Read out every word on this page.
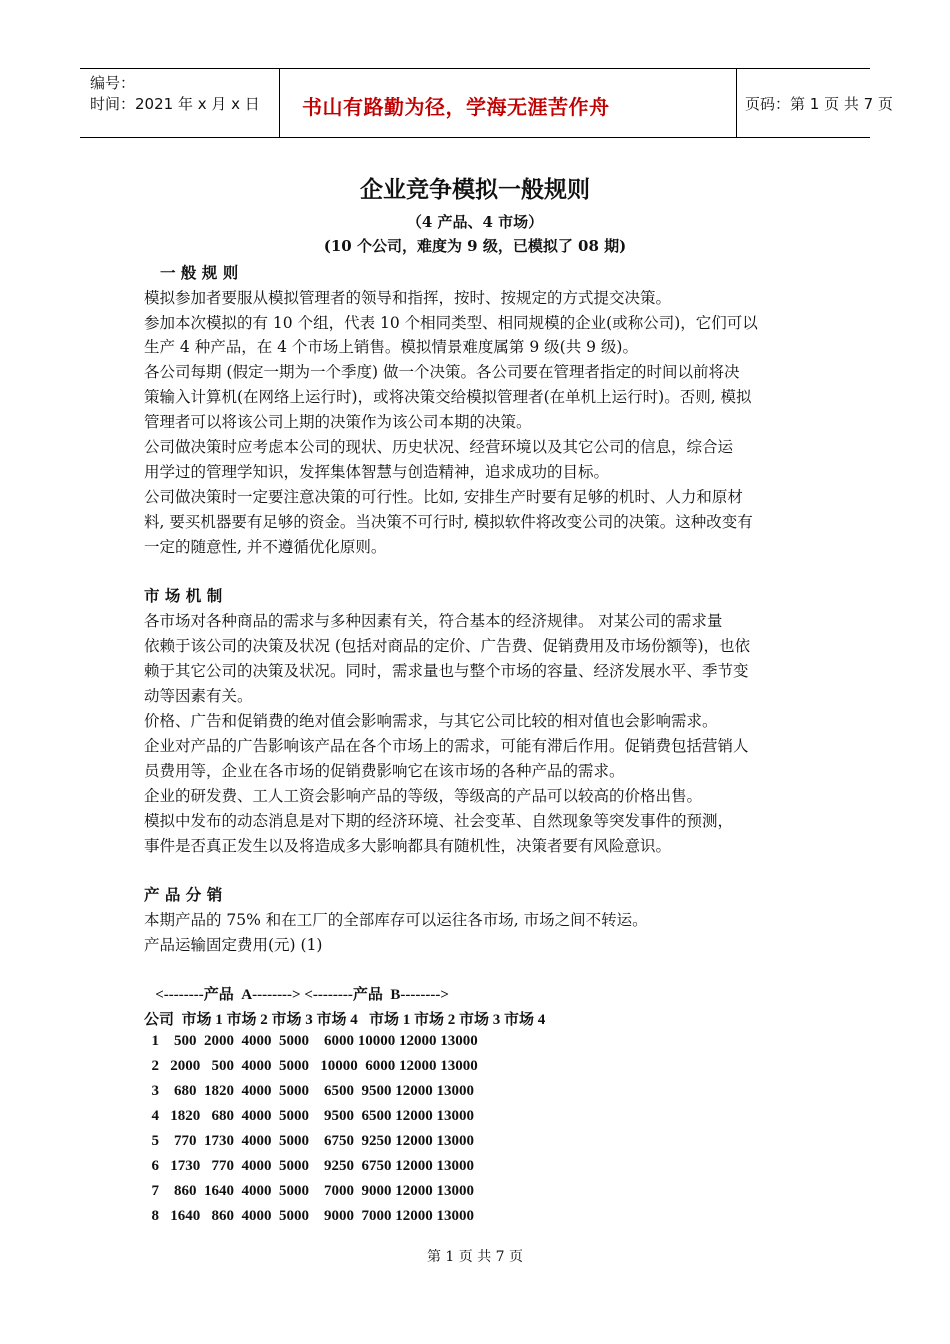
编号：
时间：2021 年 x 月 x 日 书山有路勤为径，学海无涯苦作舟	页码：第 1 页 共 7 页
企业竞争模拟一般规则
（4 产品、4 市场）
(10 个公司，难度为 9 级，已模拟了 08 期)
一 般 规 则
模拟参加者要服从模拟管理者的领导和指挥，按时、按规定的方式提交决策。
参加本次模拟的有 10 个组，代表 10 个相同类型、相同规模的企业(或称公司)，它们可以
生产 4 种产品，在 4 个市场上销售。模拟情景难度属第 9 级(共 9 级)。
各公司每期 (假定一期为一个季度) 做一个决策。各公司要在管理者指定的时间以前将决
策输入计算机(在网络上运行时)，或将决策交给模拟管理者(在单机上运行时)。否则, 模拟
管理者可以将该公司上期的决策作为该公司本期的决策。
公司做决策时应考虑本公司的现状、历史状况、经营环境以及其它公司的信息，综合运
用学过的管理学知识，发挥集体智慧与创造精神，追求成功的目标。
公司做决策时一定要注意决策的可行性。比如, 安排生产时要有足够的机时、人力和原材
料, 要买机器要有足够的资金。当决策不可行时, 模拟软件将改变公司的决策。这种改变有
一定的随意性, 并不遵循优化原则。
市 场 机 制
各市场对各种商品的需求与多种因素有关，符合基本的经济规律。 对某公司的需求量
依赖于该公司的决策及状况 (包括对商品的定价、广告费、促销费用及市场份额等)，也依
赖于其它公司的决策及状况。同时，需求量也与整个市场的容量、经济发展水平、季节变
动等因素有关。
价格、广告和促销费的绝对值会影响需求，与其它公司比较的相对值也会影响需求。
企业对产品的广告影响该产品在各个市场上的需求，可能有滞后作用。促销费包括营销人
员费用等，企业在各市场的促销费影响它在该市场的各种产品的需求。
企业的研发费、工人工资会影响产品的等级，等级高的产品可以较高的价格出售。
模拟中发布的动态消息是对下期的经济环境、社会变革、自然现象等突发事件的预测，
事件是否真正发生以及将造成多大影响都具有随机性，决策者要有风险意识。
产 品 分 销
本期产品的 75% 和在工厂的全部库存可以运往各市场, 市场之间不转运。
产品运输固定费用(元) (1)
<--------产品  A--------> <--------产品  B-------->
公司  市场 1 市场 2 市场 3 市场 4   市场 1 市场 2 市场 3 市场 4
1    500  2000  4000  5000    6000 10000 12000 13000
2   2000   500  4000  5000   10000  6000 12000 13000
3    680  1820  4000  5000    6500  9500 12000 13000
4   1820   680  4000  5000    9500  6500 12000 13000
5    770  1730  4000  5000    6750  9250 12000 13000
6   1730   770  4000  5000    9250  6750 12000 13000
7    860  1640  4000  5000    7000  9000 12000 13000
8   1640   860  4000  5000    9000  7000 12000 13000
第 1 页 共 7 页
